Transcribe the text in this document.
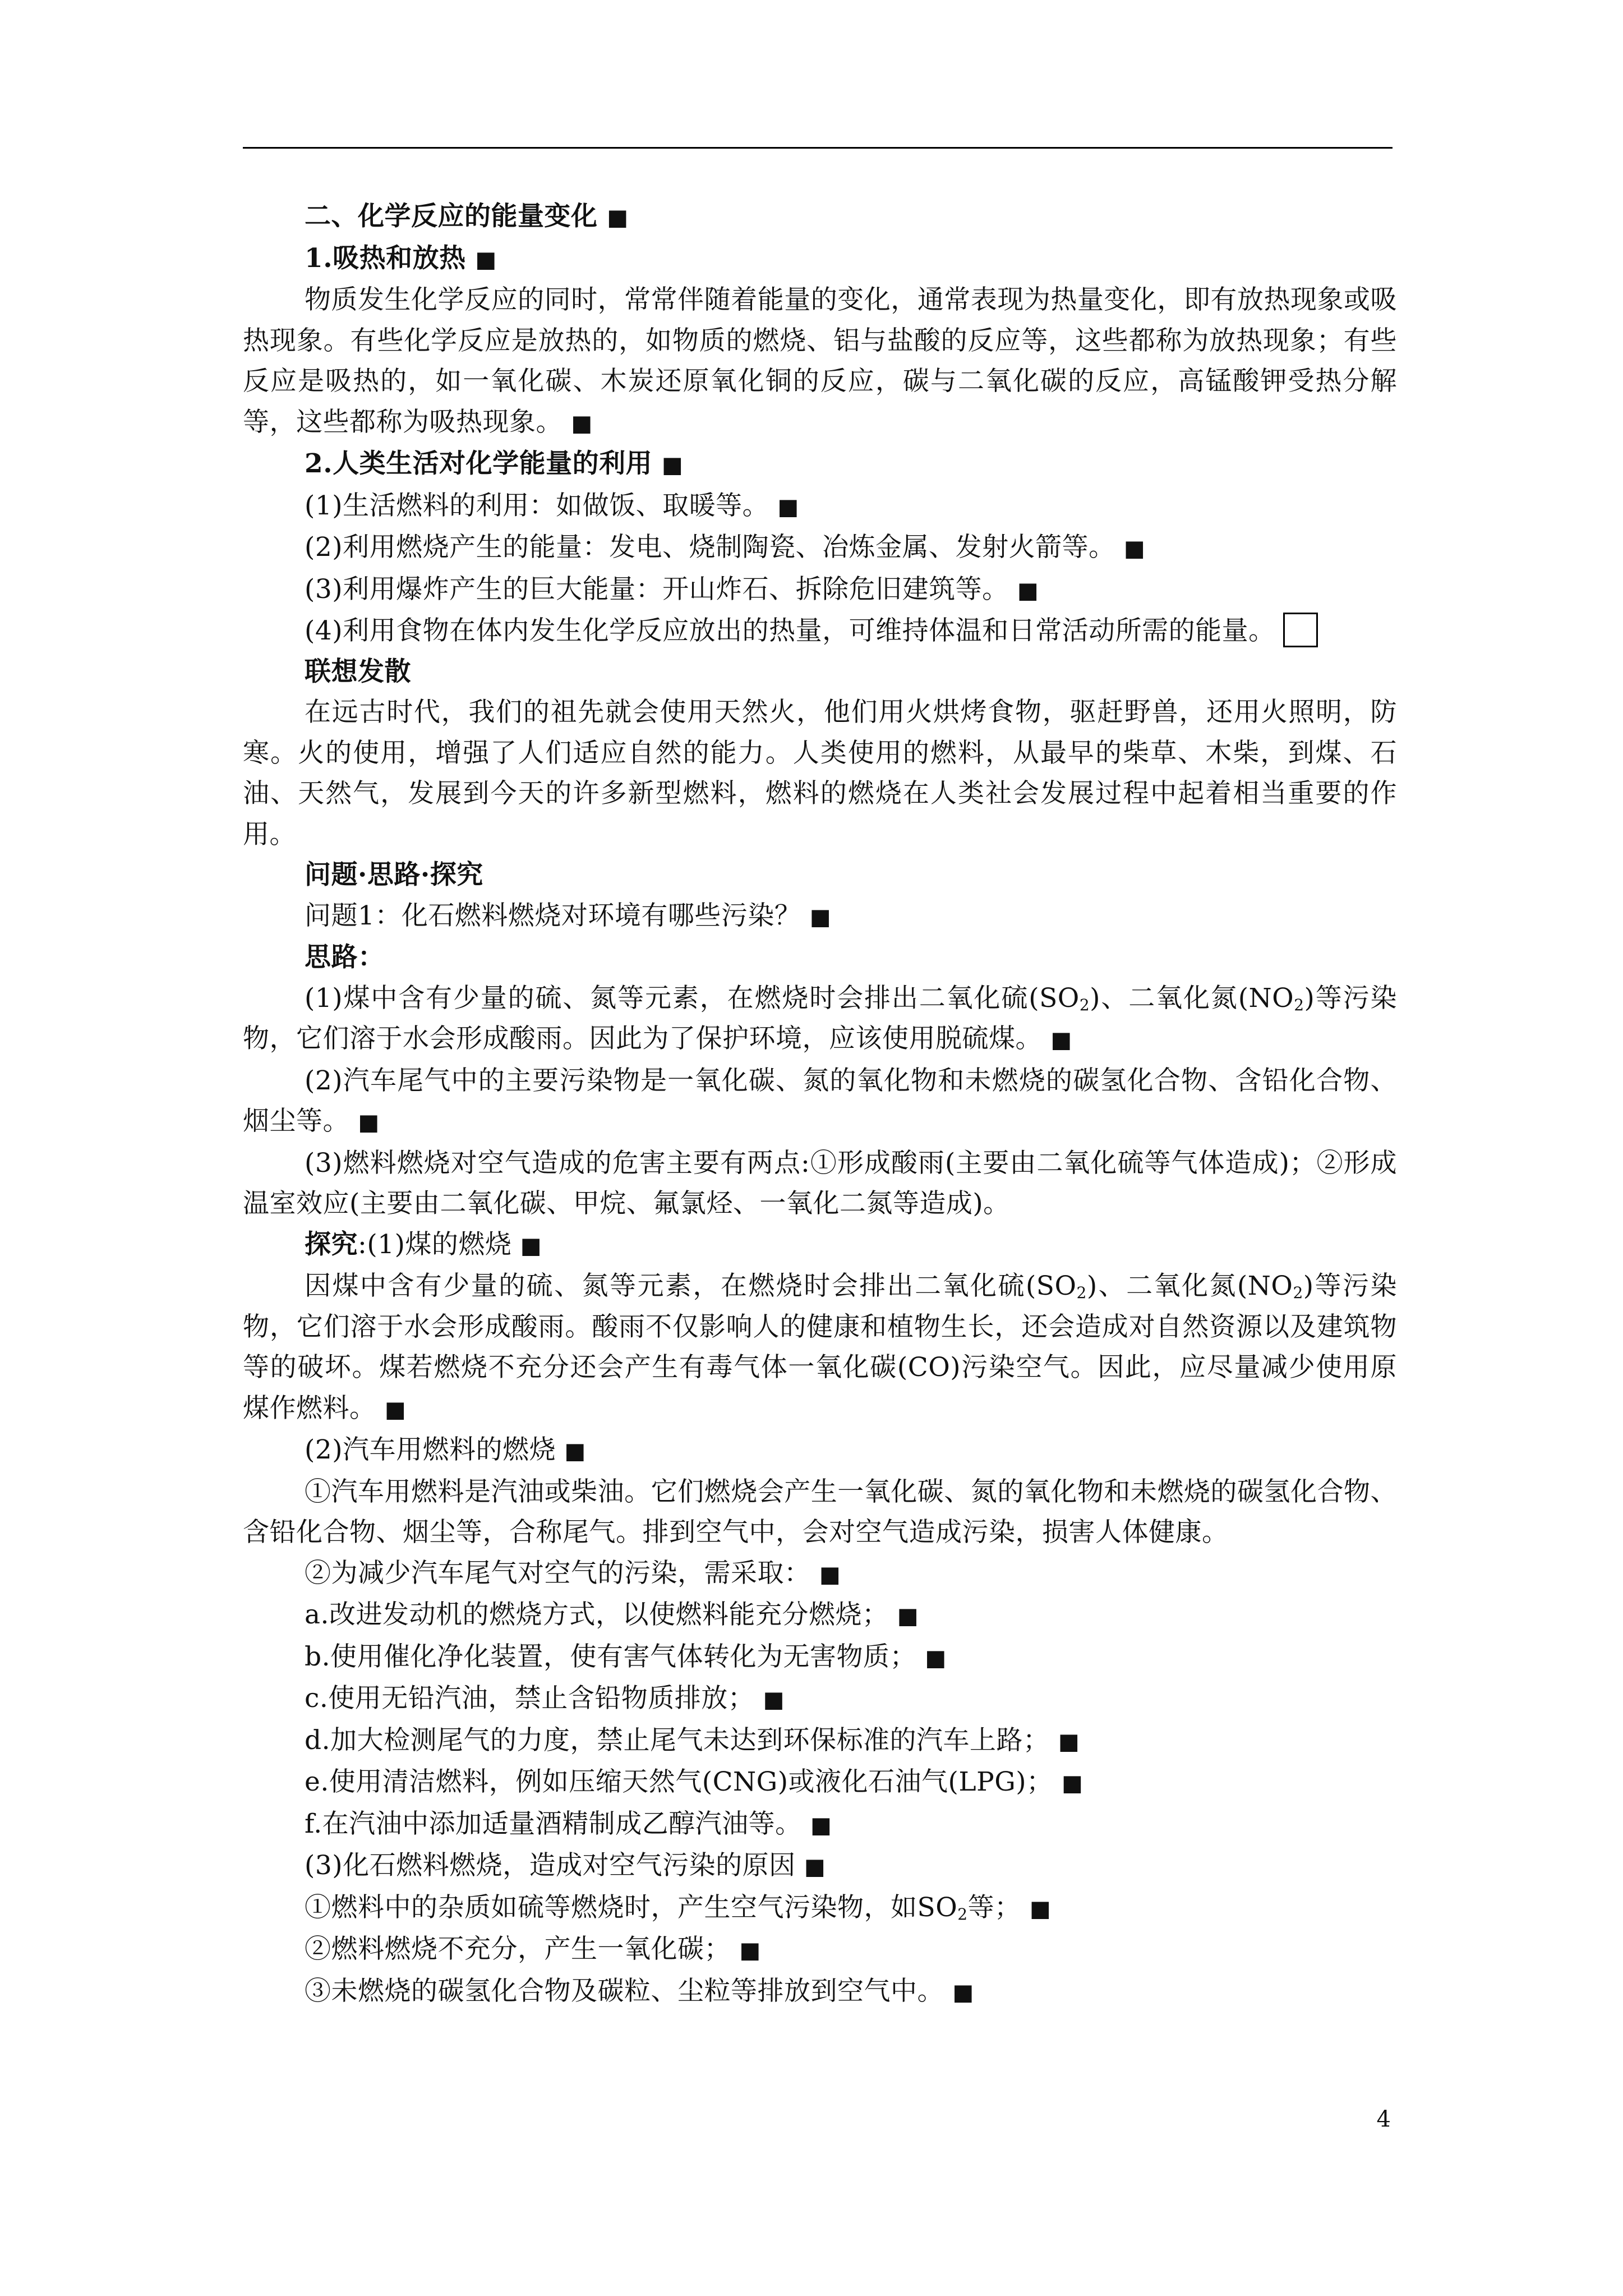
二、化学反应的能量变化 ■

1.吸热和放热 ■

物质发生化学反应的同时，常常伴随着能量的变化，通常表现为热量变化，即有放热现象或吸热现象。有些化学反应是放热的，如物质的燃烧、铝与盐酸的反应等，这些都称为放热现象；有些反应是吸热的，如一氧化碳、木炭还原氧化铜的反应，碳与二氧化碳的反应，高锰酸钾受热分解等，这些都称为吸热现象。 ■

2.人类生活对化学能量的利用 ■

(1)生活燃料的利用：如做饭、取暖等。 ■

(2)利用燃烧产生的能量：发电、烧制陶瓷、冶炼金属、发射火箭等。 ■

(3)利用爆炸产生的巨大能量：开山炸石、拆除危旧建筑等。 ■

(4)利用食物在体内发生化学反应放出的热量，可维持体温和日常活动所需的能量。

联想发散

在远古时代，我们的祖先就会使用天然火，他们用火烘烤食物，驱赶野兽，还用火照明，防寒。火的使用，增强了人们适应自然的能力。人类使用的燃料，从最早的柴草、木柴，到煤、石油、天然气，发展到今天的许多新型燃料，燃料的燃烧在人类社会发展过程中起着相当重要的作用。

问题·思路·探究

问题1：化石燃料燃烧对环境有哪些污染？ ■

思路：

(1)煤中含有少量的硫、氮等元素，在燃烧时会排出二氧化硫$(SO_2)$、二氧化氮$(NO_2)$等污染物，它们溶于水会形成酸雨。因此为了保护环境，应该使用脱硫煤。 ■

(2)汽车尾气中的主要污染物是一氧化碳、氮的氧化物和未燃烧的碳氢化合物、含铅化合物、烟尘等。 ■

(3)燃料燃烧对空气造成的危害主要有两点:①形成酸雨(主要由二氧化硫等气体造成)；②形成温室效应(主要由二氧化碳、甲烷、氟氯烃、一氧化二氮等造成)。

探究:(1)煤的燃烧 ■

因煤中含有少量的硫、氮等元素，在燃烧时会排出二氧化硫$(SO_2)$、二氧化氮$(NO_2)$等污染物，它们溶于水会形成酸雨。酸雨不仅影响人的健康和植物生长，还会造成对自然资源以及建筑物等的破坏。煤若燃烧不充分还会产生有毒气体一氧化碳(CO)污染空气。因此，应尽量减少使用原煤作燃料。 ■

(2)汽车用燃料的燃烧 ■

①汽车用燃料是汽油或柴油。它们燃烧会产生一氧化碳、氮的氧化物和未燃烧的碳氢化合物、含铅化合物、烟尘等，合称尾气。排到空气中，会对空气造成污染，损害人体健康。

②为减少汽车尾气对空气的污染，需采取： ■

a.改进发动机的燃烧方式，以使燃料能充分燃烧； ■

b.使用催化净化装置，使有害气体转化为无害物质； ■

c.使用无铅汽油，禁止含铅物质排放； ■

d.加大检测尾气的力度，禁止尾气未达到环保标准的汽车上路； ■

e.使用清洁燃料，例如压缩天然气(CNG)或液化石油气(LPG)； ■

f.在汽油中添加适量酒精制成乙醇汽油等。 ■

(3)化石燃料燃烧，造成对空气污染的原因 ■

①燃料中的杂质如硫等燃烧时，产生空气污染物，如$SO_2$等； ■

②燃料燃烧不充分，产生一氧化碳； ■

③未燃烧的碳氢化合物及碳粒、尘粒等排放到空气中。 ■

4
